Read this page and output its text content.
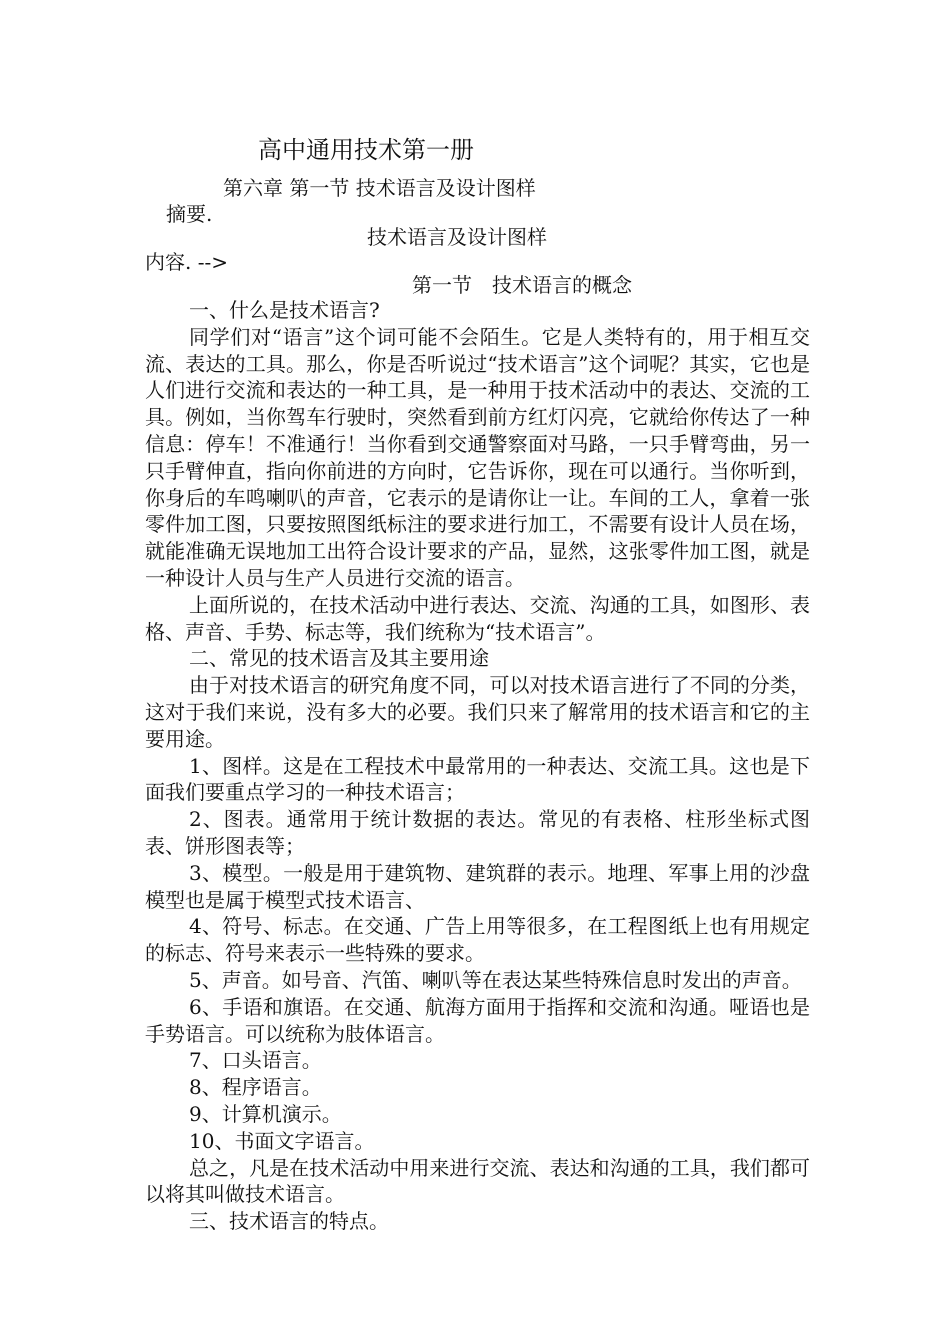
高中通用技术第一册
第六章 第一节 技术语言及设计图样
摘要.
技术语言及设计图样
内容. -->
第一节　技术语言的概念

一、什么是技术语言?

同学们对“语言”这个词可能不会陌生。它是人类特有的，用于相互交流、表达的工具。那么，你是否听说过“技术语言”这个词呢？其实，它也是人们进行交流和表达的一种工具，是一种用于技术活动中的表达、交流的工具。例如，当你驾车行驶时，突然看到前方红灯闪亮，它就给你传达了一种信息：停车！不准通行！当你看到交通警察面对马路，一只手臂弯曲，另一只手臂伸直，指向你前进的方向时，它告诉你，现在可以通行。当你听到，你身后的车鸣喇叭的声音，它表示的是请你让一让。车间的工人，拿着一张零件加工图，只要按照图纸标注的要求进行加工，不需要有设计人员在场，就能准确无误地加工出符合设计要求的产品，显然，这张零件加工图，就是一种设计人员与生产人员进行交流的语言。

上面所说的，在技术活动中进行表达、交流、沟通的工具，如图形、表格、声音、手势、标志等，我们统称为“技术语言”。

二、常见的技术语言及其主要用途

由于对技术语言的研究角度不同，可以对技术语言进行了不同的分类，这对于我们来说，没有多大的必要。我们只来了解常用的技术语言和它的主要用途。

1、图样。这是在工程技术中最常用的一种表达、交流工具。这也是下面我们要重点学习的一种技术语言；

2、图表。通常用于统计数据的表达。常见的有表格、柱形坐标式图表、饼形图表等；

3、模型。一般是用于建筑物、建筑群的表示。地理、军事上用的沙盘模型也是属于模型式技术语言、

4、符号、标志。在交通、广告上用等很多，在工程图纸上也有用规定的标志、符号来表示一些特殊的要求。

5、声音。如号音、汽笛、喇叭等在表达某些特殊信息时发出的声音。

6、手语和旗语。在交通、航海方面用于指挥和交流和沟通。哑语也是手势语言。可以统称为肢体语言。

7、口头语言。

8、程序语言。

9、计算机演示。

10、书面文字语言。

总之，凡是在技术活动中用来进行交流、表达和沟通的工具，我们都可以将其叫做技术语言。

三、技术语言的特点。
